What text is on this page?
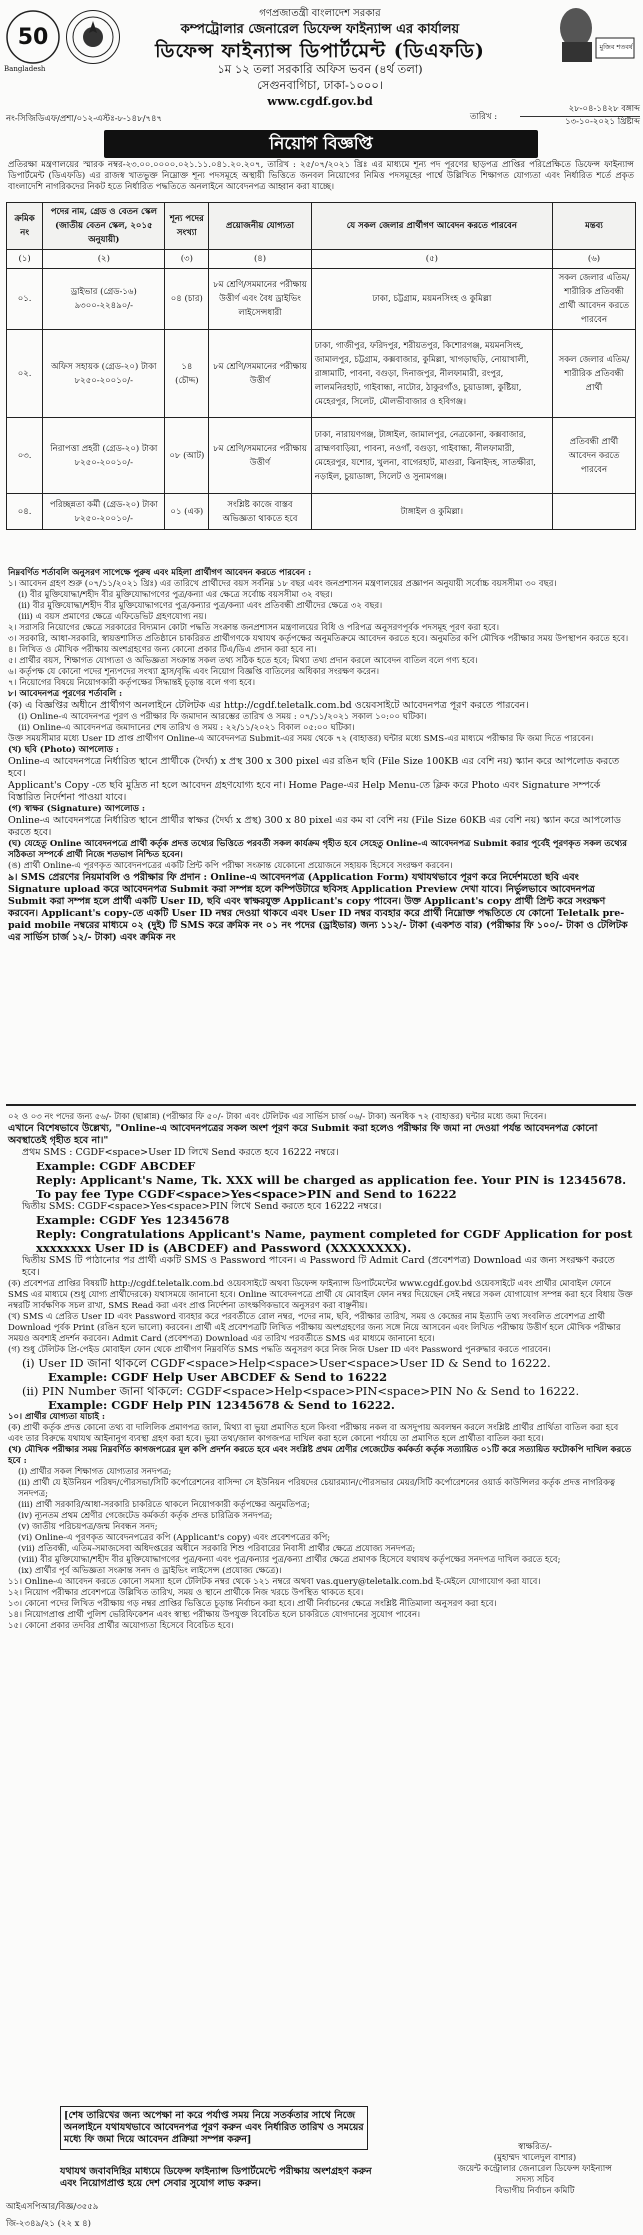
50
Bangladesh
গণপ্রজাতন্ত্রী বাংলাদেশ সরকার
কম্পট্রোলার জেনারেল ডিফেন্স ফাইন্যান্স এর কার্যালয়
ডিফেন্স ফাইন্যান্স ডিপার্টমেন্ট (ডিএফডি)
১ম ১২ তলা সরকারি অফিস ভবন (৪র্থ তলা)
সেগুনবাগিচা, ঢাকা-১০০০।
www.cgdf.gov.bd
মুজিব শতবর্ষ
নং-সিজিডিএফ/প্রশা/০১২-এস্টঃ-৮-১৪৮/৭৪৭
২৮-০৪-১৪২৮ বঙ্গাব্দ
তারিখ :	১৩-১০-২০২১ খ্রিষ্টাব্দ
নিয়োগ বিজ্ঞপ্তি
প্রতিরক্ষা মন্ত্রণালয়ের স্মারক নম্বর-২৩.০০.০০০০.০২১.১১.০৪১.২০.২০৭, তারিখ : ২৫/০৭/২০২১ খ্রিঃ এর মাধ্যমে শূন্য পদ পূরণের ছাড়পত্র প্রাপ্তির পরিপ্রেক্ষিতে ডিফেন্স ফাইন্যান্স ডিপার্টমেন্ট (ডিএফডি) এর রাজস্ব খাতভুক্ত নিম্নোক্ত শূন্য পদসমূহে অস্থায়ী ভিত্তিতে জনবল নিয়োগের নিমিত্ত পদসমূহের পার্শ্বে উল্লিখিত শিক্ষাগত যোগ্যতা এবং নির্ধারিত শর্তে প্রকৃত বাংলাদেশি নাগরিকদের নিকট হতে নির্ধারিত পদ্ধতিতে অনলাইনে আবেদনপত্র আহ্বান করা যাচ্ছে।
ক্রমিক নং	পদের নাম, গ্রেড ও বেতন স্কেল (জাতীয় বেতন স্কেল, ২০১৫ অনুযায়ী)	শূন্য পদের সংখ্যা	প্রয়োজনীয় যোগ্যতা	যে সকল জেলার প্রার্থীগণ আবেদন করতে পারবেন	মন্তব্য
(১)	(২)	(৩)	(৪)	(৫)	(৬)
০১.	ড্রাইভার (গ্রেড-১৬) ৯৩০০-২২৪৯০/-	০৪ (চার)	৮ম শ্রেণি/সমমানের পরীক্ষায় উত্তীর্ণ এবং বৈধ ড্রাইভিং লাইসেন্সধারী	ঢাকা, চট্টগ্রাম, ময়মনসিংহ ও কুমিল্লা	সকল জেলার এতিম/শারীরিক প্রতিবন্ধী প্রার্থী আবেদন করতে পারবেন
০২.	অফিস সহায়ক (গ্রেড-২০) টাকা ৮২৫০-২০০১০/-	১৪ (চৌদ্দ)	৮ম শ্রেণি/সমমানের পরীক্ষায় উত্তীর্ণ	ঢাকা, গাজীপুর, ফরিদপুর, শরীয়তপুর, কিশোরগঞ্জ, ময়মনসিংহ, জামালপুর, চট্টগ্রাম, কক্সবাজার, কুমিল্লা, খাগড়াছড়ি, নোয়াখালী, রাঙ্গামাটি, পাবনা, বগুড়া, দিনাজপুর, নীলফামারী, রংপুর, লালমনিরহাট, গাইবান্ধা, নাটোর, ঠাকুরগাঁও, চুয়াডাঙ্গা, কুষ্টিয়া, মেহেরপুর, সিলেট, মৌলভীবাজার ও হবিগঞ্জ।	সকল জেলার এতিম/শারীরিক প্রতিবন্ধী প্রার্থী
০৩.	নিরাপত্তা প্রহরী (গ্রেড-২০) টাকা ৮২৫০-২০০১০/-	০৮ (আট)	৮ম শ্রেণি/সমমানের পরীক্ষায় উত্তীর্ণ	ঢাকা, নারায়ণগঞ্জ, টাঙ্গাইল, জামালপুর, নেত্রকোনা, কক্সবাজার, ব্রাহ্মণবাড়িয়া, পাবনা, নওগাঁ, বগুড়া, গাইবান্ধা, নীলফামারী, মেহেরপুর, যশোর, খুলনা, বাগেরহাট, মাগুরা, ঝিনাইদহ, সাতক্ষীরা, নড়াইল, চুয়াডাঙ্গা, সিলেট ও সুনামগঞ্জ।	প্রতিবন্ধী প্রার্থী আবেদন করতে পারবেন
০৪.	পরিচ্ছন্নতা কর্মী (গ্রেড-২০) টাকা ৮২৫০-২০০১০/-	০১ (এক)	সংশ্লিষ্ট কাজে বাস্তব অভিজ্ঞতা থাকতে হবে	টাঙ্গাইল ও কুমিল্লা।	
নিম্নবর্ণিত শর্তাবলি অনুসরণ সাপেক্ষে পুরুষ এবং মহিলা প্রার্থীগণ আবেদন করতে পারবেন :
১। আবেদন গ্রহণ শুরু (০৭/১১/২০২১ খ্রিঃ) এর তারিখে প্রার্থীদের বয়স সর্বনিম্ন ১৮ বছর এবং জনপ্রশাসন মন্ত্রণালয়ের প্রজ্ঞাপন অনুযায়ী সর্বোচ্চ বয়সসীমা ৩০ বছর।
(i) বীর মুক্তিযোদ্ধা/শহীদ বীর মুক্তিযোদ্ধাগণের পুত্র/কন্যা এর ক্ষেত্রে সর্বোচ্চ বয়সসীমা ৩২ বছর।
(ii) বীর মুক্তিযোদ্ধা/শহীদ বীর মুক্তিযোদ্ধাগণের পুত্র/কন্যার পুত্র/কন্যা এবং প্রতিবন্ধী প্রার্থীদের ক্ষেত্রে ৩২ বছর।
(iii) এ বয়স প্রমাণের ক্ষেত্রে এফিডেভিট গ্রহণযোগ্য নয়।
২। সরাসরি নিয়োগের ক্ষেত্রে সরকারের বিদ্যমান কোটা পদ্ধতি সংক্রান্ত জনপ্রশাসন মন্ত্রণালয়ের বিধি ও পরিপত্র অনুসরণপূর্বক পদসমূহ পূরণ করা হবে।
৩। সরকারি, আধা-সরকারি, স্বায়ত্তশাসিত প্রতিষ্ঠানে চাকরিরত প্রার্থীগণকে যথাযথ কর্তৃপক্ষের অনুমতিক্রমে আবেদন করতে হবে। অনুমতির কপি মৌখিক পরীক্ষার সময় উপস্থাপন করতে হবে।
৪। লিখিত ও মৌখিক পরীক্ষায় অংশগ্রহণের জন্য কোনো প্রকার টিএ/ডিএ প্রদান করা হবে না।
৫। প্রার্থীর বয়স, শিক্ষাগত যোগ্যতা ও অভিজ্ঞতা সংক্রান্ত সকল তথ্য সঠিক হতে হবে; মিথ্যা তথ্য প্রদান করলে আবেদন বাতিল বলে গণ্য হবে।
৬। কর্তৃপক্ষ যে কোনো পদের শূন্যপদের সংখ্যা হ্রাস/বৃদ্ধি এবং নিয়োগ বিজ্ঞপ্তি বাতিলের অধিকার সংরক্ষণ করেন।
৭। নিয়োগের বিষয়ে নিয়োগকারী কর্তৃপক্ষের সিদ্ধান্তই চূড়ান্ত বলে গণ্য হবে।
৮। আবেদনপত্র পূরণের শর্তাবলি :
(ক) এ বিজ্ঞপ্তির অধীনে প্রার্থীগণ অনলাইনে টেলিটক এর http://cgdf.teletalk.com.bd ওয়েবসাইটে আবেদনপত্র পূরণ করতে পারবেন।
(i) Online-এ আবেদনপত্র পূরণ ও পরীক্ষার ফি জমাদান আরম্ভের তারিখ ও সময় : ০৭/১১/২০২১ সকাল ১০:০০ ঘটিকা।
(ii) Online-এ আবেদনপত্র জমাদানের শেষ তারিখ ও সময় : ২২/১১/২০২১ বিকাল ০৫:০০ ঘটিকা।
উক্ত সময়সীমার মধ্যে User ID প্রাপ্ত প্রার্থীগণ Online-এ আবেদনপত্র Submit-এর সময় থেকে ৭২ (বাহাত্তর) ঘন্টার মধ্যে SMS-এর মাধ্যমে পরীক্ষার ফি জমা দিতে পারবেন।
(খ) ছবি (Photo) আপলোড :
Online-এ আবেদনপত্রে নির্ধারিত স্থানে প্রার্থীকে (দৈর্ঘ্য) x প্রস্থ 300 x 300 pixel এর রঙিন ছবি (File Size 100KB এর বেশি নয়) স্ক্যান করে আপলোড করতে হবে।
Applicant's Copy -তে ছবি মুদ্রিত না হলে আবেদন গ্রহণযোগ্য হবে না। Home Page-এর Help Menu-তে ক্লিক করে Photo এবং Signature সম্পর্কে বিস্তারিত নির্দেশনা পাওয়া যাবে।
(গ) স্বাক্ষর (Signature) আপলোড :
Online-এ আবেদনপত্রে নির্ধারিত স্থানে প্রার্থীর স্বাক্ষর (দৈর্ঘ্য x প্রস্থ) 300 x 80 pixel এর কম বা বেশি নয় (File Size 60KB এর বেশি নয়) স্ক্যান করে আপলোড করতে হবে।
(ঘ) যেহেতু Online আবেদনপত্রে প্রার্থী কর্তৃক প্রদত্ত তথ্যের ভিত্তিতে পরবর্তী সকল কার্যক্রম গৃহীত হবে সেহেতু Online-এ আবেদনপত্র Submit করার পূর্বেই পূরণকৃত সকল তথ্যের সঠিকতা সম্পর্কে প্রার্থী নিজে শতভাগ নিশ্চিত হবেন।
(ঙ) প্রার্থী Online-এ পূরণকৃত আবেদনপত্রের একটি প্রিন্ট কপি পরীক্ষা সংক্রান্ত যেকোনো প্রয়োজনে সহায়ক হিসেবে সংরক্ষণ করবেন।
৯। SMS প্রেরণের নিয়মাবলি ও পরীক্ষার ফি প্রদান : Online-এ আবেদনপত্র (Application Form) যথাযথভাবে পূরণ করে নির্দেশমতো ছবি এবং Signature upload করে আবেদনপত্র Submit করা সম্পন্ন হলে কম্পিউটারে ছবিসহ Application Preview দেখা যাবে। নির্ভুলভাবে আবেদনপত্র Submit করা সম্পন্ন হলে প্রার্থী একটি User ID, ছবি এবং স্বাক্ষরযুক্ত Applicant's copy পাবেন। উক্ত Applicant's copy প্রার্থী প্রিন্ট করে সংরক্ষণ করবেন। Applicant's copy-তে একটি User ID নম্বর দেওয়া থাকবে এবং User ID নম্বর ব্যবহার করে প্রার্থী নিম্নোক্ত পদ্ধতিতে যে কোনো Teletalk pre-paid mobile নম্বরের মাধ্যমে ০২ (দুই) টি SMS করে ক্রমিক নং ০১ নং পদের (ড্রাইভার) জন্য ১১২/- টাকা (একশত বার) (পরীক্ষার ফি ১০০/- টাকা ও টেলিটক এর সার্ভিস চার্জ ১২/- টাকা) এবং ক্রমিক নং
০২ ও ০৩ নং পদের জন্য ৫৬/- টাকা (ছাপ্পান্ন) (পরীক্ষার ফি ৫০/- টাকা এবং টেলিটক এর সার্ভিস চার্জ ০৬/- টাকা) অনধিক ৭২ (বাহাত্তর) ঘন্টার মধ্যে জমা দিবেন।
এখানে বিশেষভাবে উল্লেখ্য, "Online-এ আবেদনপত্রের সকল অংশ পূরণ করে Submit করা হলেও পরীক্ষার ফি জমা না দেওয়া পর্যন্ত আবেদনপত্র কোনো অবস্থাতেই গৃহীত হবে না।"
প্রথম SMS : CGDF<space>User ID লিখে Send করতে হবে 16222 নম্বরে।
Example: CGDF ABCDEF
Reply: Applicant's Name, Tk. XXX will be charged as application fee. Your PIN is 12345678. To pay fee Type CGDF<space>Yes<space>PIN and Send to 16222
দ্বিতীয় SMS: CGDF<space>Yes<space>PIN লিখে Send করতে হবে 16222 নম্বরে।
Example: CGDF Yes 12345678
Reply: Congratulations Applicant's Name, payment completed for CGDF Application for post xxxxxxxx User ID is (ABCDEF) and Password (XXXXXXXX).
দ্বিতীয় SMS টি পাঠানোর পর প্রার্থী একটি SMS ও Password পাবেন। এ Password টি Admit Card (প্রবেশপত্র) Download এর জন্য সংরক্ষণ করতে হবে।
(ক) প্রবেশপত্র প্রাপ্তির বিষয়টি http://cgdf.teletalk.com.bd ওয়েবসাইটে অথবা ডিফেন্স ফাইন্যান্স ডিপার্টমেন্টের www.cgdf.gov.bd ওয়েবসাইটে এবং প্রার্থীর মোবাইল ফোনে SMS এর মাধ্যমে (শুধু যোগ্য প্রার্থীদেরকে) যথাসময়ে জানানো হবে। Online আবেদনপত্রে প্রার্থী যে মোবাইল ফোন নম্বর দিয়েছেন সেই নম্বরে সকল যোগাযোগ সম্পন্ন করা হবে বিধায় উক্ত নম্বরটি সার্বক্ষণিক সচল রাখা, SMS Read করা এবং প্রাপ্ত নির্দেশনা তাৎক্ষণিকভাবে অনুসরণ করা বাঞ্ছনীয়।
(খ) SMS এ প্রেরিত User ID এবং Password ব্যবহার করে পরবর্তীতে রোল নম্বর, পদের নাম, ছবি, পরীক্ষার তারিখ, সময় ও কেন্দ্রের নাম ইত্যাদি তথ্য সংবলিত প্রবেশপত্র প্রার্থী Download পূর্বক Print (রঙিন হলে ভালো) করবেন। প্রার্থী এই প্রবেশপত্রটি লিখিত পরীক্ষায় অংশগ্রহণের জন্য সঙ্গে নিয়ে আসবেন এবং লিখিত পরীক্ষায় উত্তীর্ণ হলে মৌখিক পরীক্ষার সময়ও অবশ্যই প্রদর্শন করবেন। Admit Card (প্রবেশপত্র) Download এর তারিখ পরবর্তীতে SMS এর মাধ্যমে জানানো হবে।
(গ) শুধু টেলিটক প্রি-পেইড মোবাইল ফোন থেকে প্রার্থীগণ নিম্নবর্ণিত SMS পদ্ধতি অনুসরণ করে নিজ নিজ User ID এবং Password পুনরুদ্ধার করতে পারবেন।
(i) User ID জানা থাকলে CGDF<space>Help<space>User<space>User ID & Send to 16222.
Example: CGDF Help User ABCDEF & Send to 16222
(ii) PIN Number জানা থাকলে: CGDF<space>Help<space>PIN<space>PIN No & Send to 16222.
Example: CGDF Help PIN 12345678 & Send to 16222.
১০। প্রার্থীর যোগ্যতা যাচাই :
(ক) প্রার্থী কর্তৃক প্রদত্ত কোনো তথ্য বা দালিলিক প্রমাণপত্র জাল, মিথ্যা বা ভুয়া প্রমাণিত হলে কিংবা পরীক্ষায় নকল বা অসদুপায় অবলম্বন করলে সংশ্লিষ্ট প্রার্থীর প্রার্থিতা বাতিল করা হবে এবং তার বিরুদ্ধে যথাযথ আইনানুগ ব্যবস্থা গ্রহণ করা হবে। ভুয়া তথ্য/জাল কাগজপত্র দাখিল করা হলে কোনো পর্যায়ে তা প্রমাণিত হলে প্রার্থীতা বাতিল করা হবে।
(খ) মৌখিক পরীক্ষার সময় নিম্নবর্ণিত কাগজপত্রের মূল কপি প্রদর্শন করতে হবে এবং সংশ্লিষ্ট প্রথম শ্রেণীর গেজেটেড কর্মকর্তা কর্তৃক সত্যায়িত ০১টি করে সত্যায়িত ফটোকপি দাখিল করতে হবে :
(i) প্রার্থীর সকল শিক্ষাগত যোগ্যতার সনদপত্র;
(ii) প্রার্থী যে ইউনিয়ন পরিষদ/পৌরসভা/সিটি কর্পোরেশনের বাসিন্দা সে ইউনিয়ন পরিষদের চেয়ারম্যান/পৌরসভার মেয়র/সিটি কর্পোরেশনের ওয়ার্ড কাউন্সিলর কর্তৃক প্রদত্ত নাগরিকত্ব সনদপত্র;
(iii) প্রার্থী সরকারি/আধা-সরকারি চাকরিতে থাকলে নিয়োগকারী কর্তৃপক্ষের অনুমতিপত্র;
(iv) ন্যূনতম প্রথম শ্রেণীর গেজেটেড কর্মকর্তা কর্তৃক প্রদত্ত চারিত্রিক সনদপত্র;
(v) জাতীয় পরিচয়পত্র/জন্ম নিবন্ধন সনদ;
(vi) Online-এ পূরণকৃত আবেদনপত্রের কপি (Applicant's copy) এবং প্রবেশপত্রের কপি;
(vii) প্রতিবন্ধী, এতিম-সমাজসেবা অধিদপ্তরের অধীনে সরকারি শিশু পরিবারের নিবাসী প্রার্থীর ক্ষেত্রে প্রযোজ্য সনদপত্র;
(viii) বীর মুক্তিযোদ্ধা/শহীদ বীর মুক্তিযোদ্ধাগণের পুত্র/কন্যা এবং পুত্র/কন্যার পুত্র/কন্যা প্রার্থীর ক্ষেত্রে প্রমাণক হিসেবে যথাযথ কর্তৃপক্ষের সনদপত্র দাখিল করতে হবে;
(ix) প্রার্থীর পূর্ব অভিজ্ঞতা সংক্রান্ত সনদ ও ড্রাইভিং লাইসেন্স (প্রযোজ্য ক্ষেত্রে)।
১১। Online-এ আবেদন করতে কোনো সমস্যা হলে টেলিটক নম্বর থেকে ১২১ নম্বরে অথবা vas.query@teletalk.com.bd ই-মেইলে যোগাযোগ করা যাবে।
১২। নিয়োগ পরীক্ষার প্রবেশপত্রে উল্লিখিত তারিখ, সময় ও স্থানে প্রার্থীকে নিজ খরচে উপস্থিত থাকতে হবে।
১৩। কোনো পদের লিখিত পরীক্ষায় গড় নম্বর প্রাপ্তির ভিত্তিতে চূড়ান্ত নির্বাচন করা হবে। প্রার্থী নির্বাচনের ক্ষেত্রে সংশ্লিষ্ট নীতিমালা অনুসরণ করা হবে।
১৪। নিয়োগপ্রাপ্ত প্রার্থী পুলিশ ভেরিফিকেশন এবং স্বাস্থ্য পরীক্ষায় উপযুক্ত বিবেচিত হলে চাকরিতে যোগদানের সুযোগ পাবেন।
১৫। কোনো প্রকার তদবির প্রার্থীর অযোগ্যতা হিসেবে বিবেচিত হবে।
[শেষ তারিখের জন্য অপেক্ষা না করে পর্যাপ্ত সময় নিয়ে সতর্কতার সাথে নিজে অনলাইনে যথাযথভাবে আবেদনপত্র পূরণ করুন এবং নির্ধারিত তারিখ ও সময়ের মধ্যে ফি জমা দিয়ে আবেদন প্রক্রিয়া সম্পন্ন করুন]
যথাযথ জবাবদিহির মাধ্যমে ডিফেন্স ফাইন্যান্স ডিপার্টমেন্টে পরীক্ষায় অংশগ্রহণ করুন এবং নিয়োগপ্রাপ্ত হয়ে দেশ সেবার সুযোগ লাভ করুন।
স্বাক্ষরিত/-
(মুহাম্মদ খালেদুল বাশার)
জয়েন্ট কন্ট্রোলার জেনারেল ডিফেন্স ফাইন্যান্স
সদস্য সচিব
বিভাগীয় নির্বাচন কমিটি
আইএসপিআর/বিজ্ঞ/৩৫৫৯
জি-২৩৪৯/২১ (২২ x ৪)
